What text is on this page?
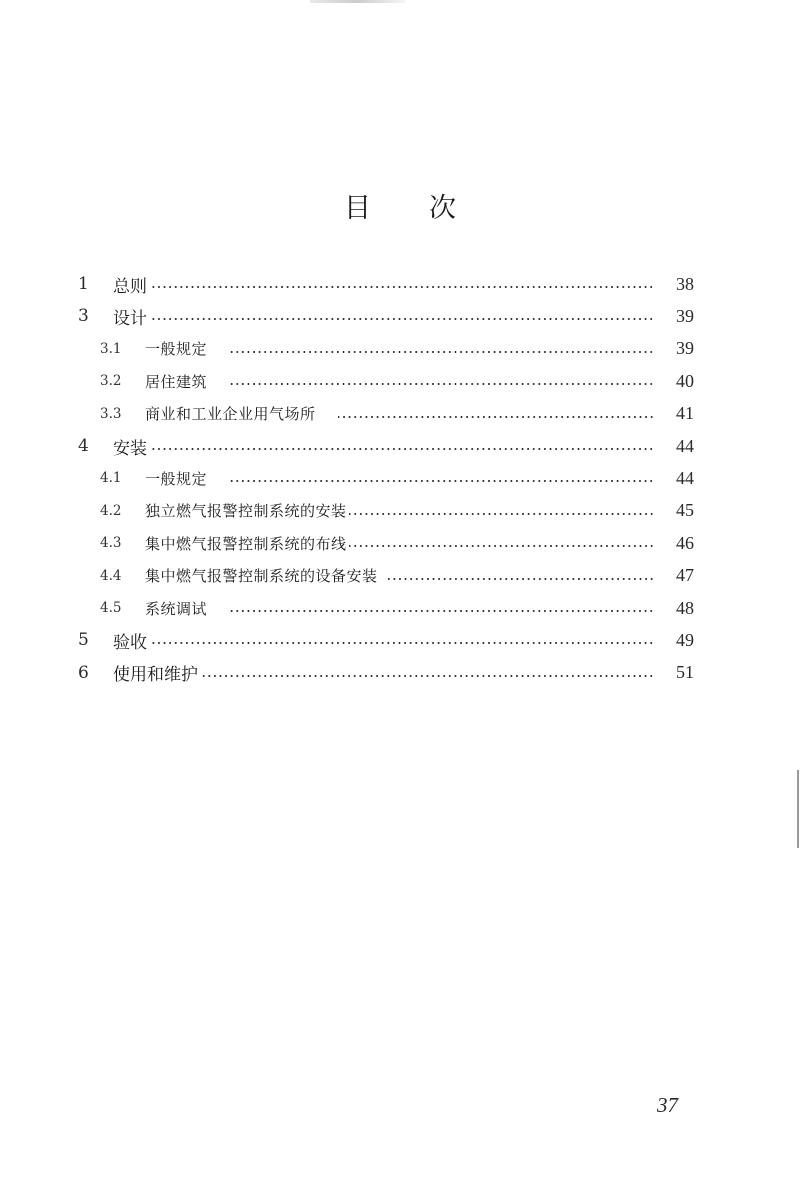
目 次
1	总则	38
3	设计	39
3.1	一般规定	39
3.2	居住建筑	40
3.3	商业和工业企业用气场所	41
4	安装	44
4.1	一般规定	44
4.2	独立燃气报警控制系统的安装	45
4.3	集中燃气报警控制系统的布线	46
4.4	集中燃气报警控制系统的设备安装	47
4.5	系统调试	48
5	验收	49
6	使用和维护	51
37
